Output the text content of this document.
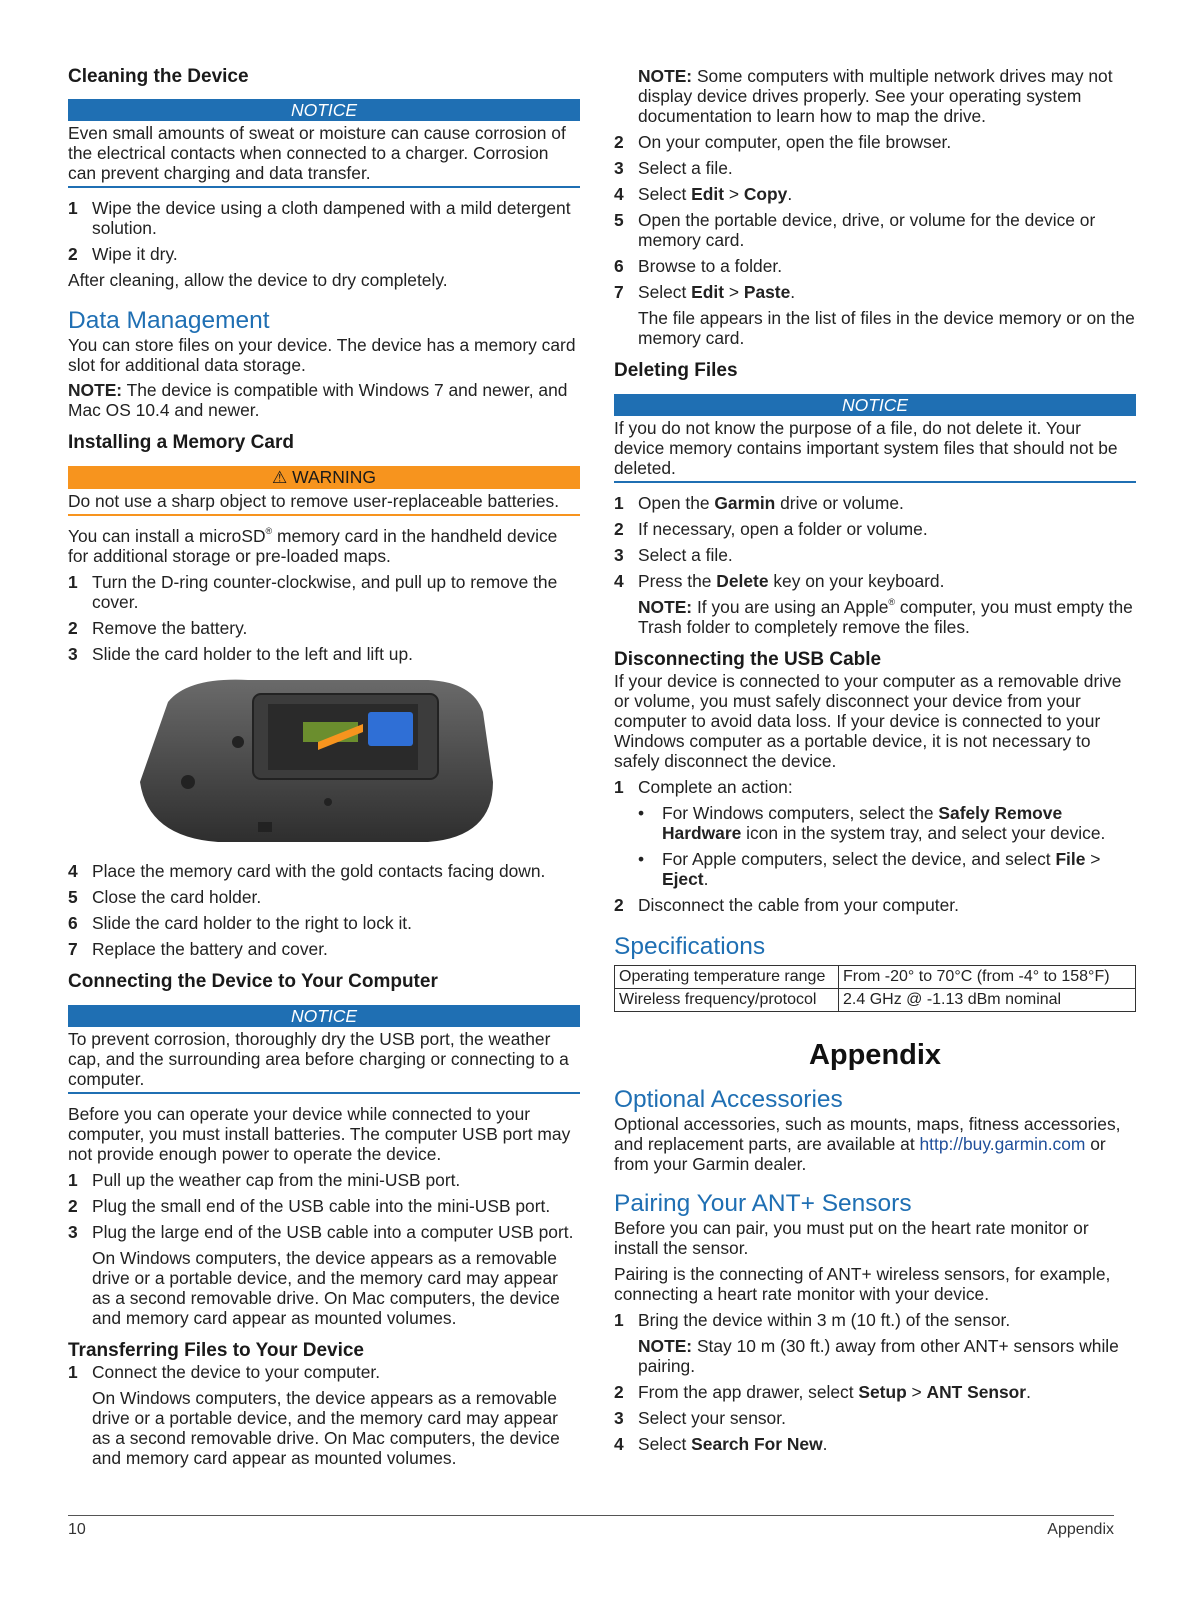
Cleaning the Device
NOTICE
Even small amounts of sweat or moisture can cause corrosion of the electrical contacts when connected to a charger. Corrosion can prevent charging and data transfer.
1 Wipe the device using a cloth dampened with a mild detergent solution.
2 Wipe it dry.

After cleaning, allow the device to dry completely.

Data Management

You can store files on your device. The device has a memory card slot for additional data storage.

NOTE: The device is compatible with Windows 7 and newer, and Mac OS 10.4 and newer.

Installing a Memory Card
⚠ WARNING
Do not use a sharp object to remove user-replaceable batteries.

You can install a microSD® memory card in the handheld device for additional storage or pre-loaded maps.

1 Turn the D-ring counter-clockwise, and pull up to remove the cover.
2 Remove the battery.
3 Slide the card holder to the left and lift up.
4 Place the memory card with the gold contacts facing down.
5 Close the card holder.
6 Slide the card holder to the right to lock it.
7 Replace the battery and cover.
Connecting the Device to Your Computer
NOTICE
To prevent corrosion, thoroughly dry the USB port, the weather cap, and the surrounding area before charging or connecting to a computer.

Before you can operate your device while connected to your computer, you must install batteries. The computer USB port may not provide enough power to operate the device.

1 Pull up the weather cap from the mini-USB port.
2 Plug the small end of the USB cable into the mini-USB port.
3 Plug the large end of the USB cable into a computer USB port.

On Windows computers, the device appears as a removable drive or a portable device, and the memory card may appear as a second removable drive. On Mac computers, the device and memory card appear as mounted volumes.

Transferring Files to Your Device
1 Connect the device to your computer.

On Windows computers, the device appears as a removable drive or a portable device, and the memory card may appear as a second removable drive. On Mac computers, the device and memory card appear as mounted volumes.

NOTE: Some computers with multiple network drives may not display device drives properly. See your operating system documentation to learn how to map the drive.

2 On your computer, open the file browser.
3 Select a file.
4 Select Edit > Copy.
5 Open the portable device, drive, or volume for the device or memory card.
6 Browse to a folder.
7 Select Edit > Paste.

The file appears in the list of files in the device memory or on the memory card.

Deleting Files
NOTICE
If you do not know the purpose of a file, do not delete it. Your device memory contains important system files that should not be deleted.
1 Open the Garmin drive or volume.
2 If necessary, open a folder or volume.
3 Select a file.
4 Press the Delete key on your keyboard.

NOTE: If you are using an Apple® computer, you must empty the Trash folder to completely remove the files.

Disconnecting the USB Cable

If your device is connected to your computer as a removable drive or volume, you must safely disconnect your device from your computer to avoid data loss. If your device is connected to your Windows computer as a portable device, it is not necessary to safely disconnect the device.

1 Complete an action:
• For Windows computers, select the Safely Remove Hardware icon in the system tray, and select your device.
• For Apple computers, select the device, and select File > Eject.
2 Disconnect the cable from your computer.
Specifications
Operating temperature range	From -20° to 70°C (from -4° to 158°F)
Wireless frequency/protocol	2.4 GHz @ -1.13 dBm nominal
Appendix
Optional Accessories

Optional accessories, such as mounts, maps, fitness accessories, and replacement parts, are available at http://buy.garmin.com or from your Garmin dealer.

Pairing Your ANT+ Sensors

Before you can pair, you must put on the heart rate monitor or install the sensor.

Pairing is the connecting of ANT+ wireless sensors, for example, connecting a heart rate monitor with your device.

1 Bring the device within 3 m (10 ft.) of the sensor.

NOTE: Stay 10 m (30 ft.) away from other ANT+ sensors while pairing.

2 From the app drawer, select Setup > ANT Sensor.
3 Select your sensor.
4 Select Search For New.
10	Appendix
